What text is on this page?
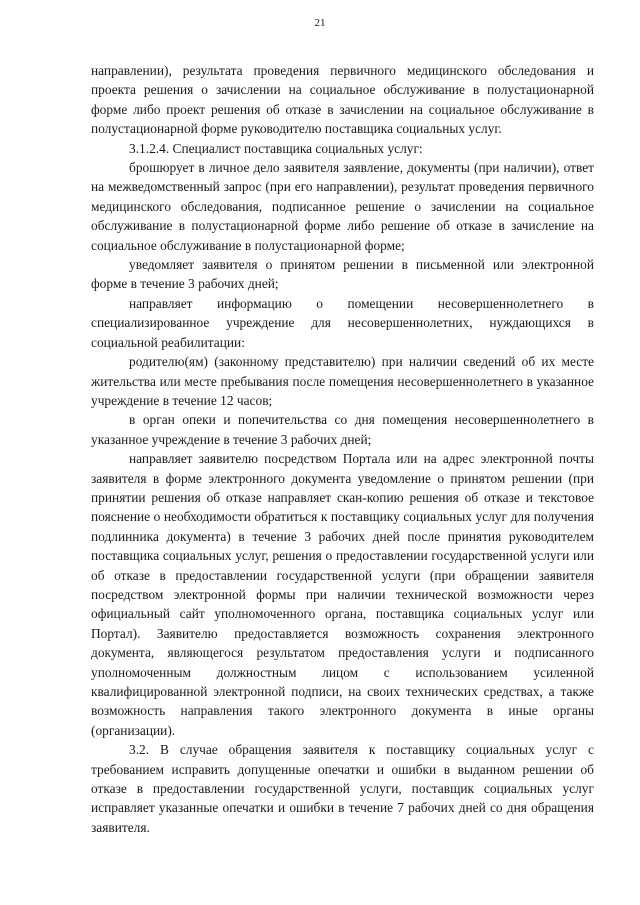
21

направлении), результата проведения первичного медицинского обследования и проекта решения о зачислении на социальное обслуживание в полустационарной форме либо проект решения об отказе в зачислении на социальное обслуживание в полустационарной форме руководителю поставщика социальных услуг.

3.1.2.4. Специалист поставщика социальных услуг:

брошюрует в личное дело заявителя заявление, документы (при наличии), ответ на межведомственный запрос (при его направлении), результат проведения первичного медицинского обследования, подписанное решение о зачислении на социальное обслуживание в полустационарной форме либо решение об отказе в зачисление на социальное обслуживание в полустационарной форме;

уведомляет заявителя о принятом решении в письменной или электронной форме в течение 3 рабочих дней;

направляет информацию о помещении несовершеннолетнего в специализированное учреждение для несовершеннолетних, нуждающихся в социальной реабилитации:

родителю(ям) (законному представителю) при наличии сведений об их месте жительства или месте пребывания после помещения несовершеннолетнего в указанное учреждение в течение 12 часов;

в орган опеки и попечительства со дня помещения несовершеннолетнего в указанное учреждение в течение 3 рабочих дней;

направляет заявителю посредством Портала или на адрес электронной почты заявителя в форме электронного документа уведомление о принятом решении (при принятии решения об отказе направляет скан-копию решения об отказе и текстовое пояснение о необходимости обратиться к поставщику социальных услуг для получения подлинника документа) в течение 3 рабочих дней после принятия руководителем поставщика социальных услуг, решения о предоставлении государственной услуги или об отказе в предоставлении государственной услуги (при обращении заявителя посредством электронной формы при наличии технической возможности через официальный сайт уполномоченного органа, поставщика социальных услуг или Портал). Заявителю предоставляется возможность сохранения электронного документа, являющегося результатом предоставления услуги и подписанного уполномоченным должностным лицом с использованием усиленной квалифицированной электронной подписи, на своих технических средствах, а также возможность направления такого электронного документа в иные органы (организации).

3.2. В случае обращения заявителя к поставщику социальных услуг с требованием исправить допущенные опечатки и ошибки в выданном решении об отказе в предоставлении государственной услуги, поставщик социальных услуг исправляет указанные опечатки и ошибки в течение 7 рабочих дней со дня обращения заявителя.
